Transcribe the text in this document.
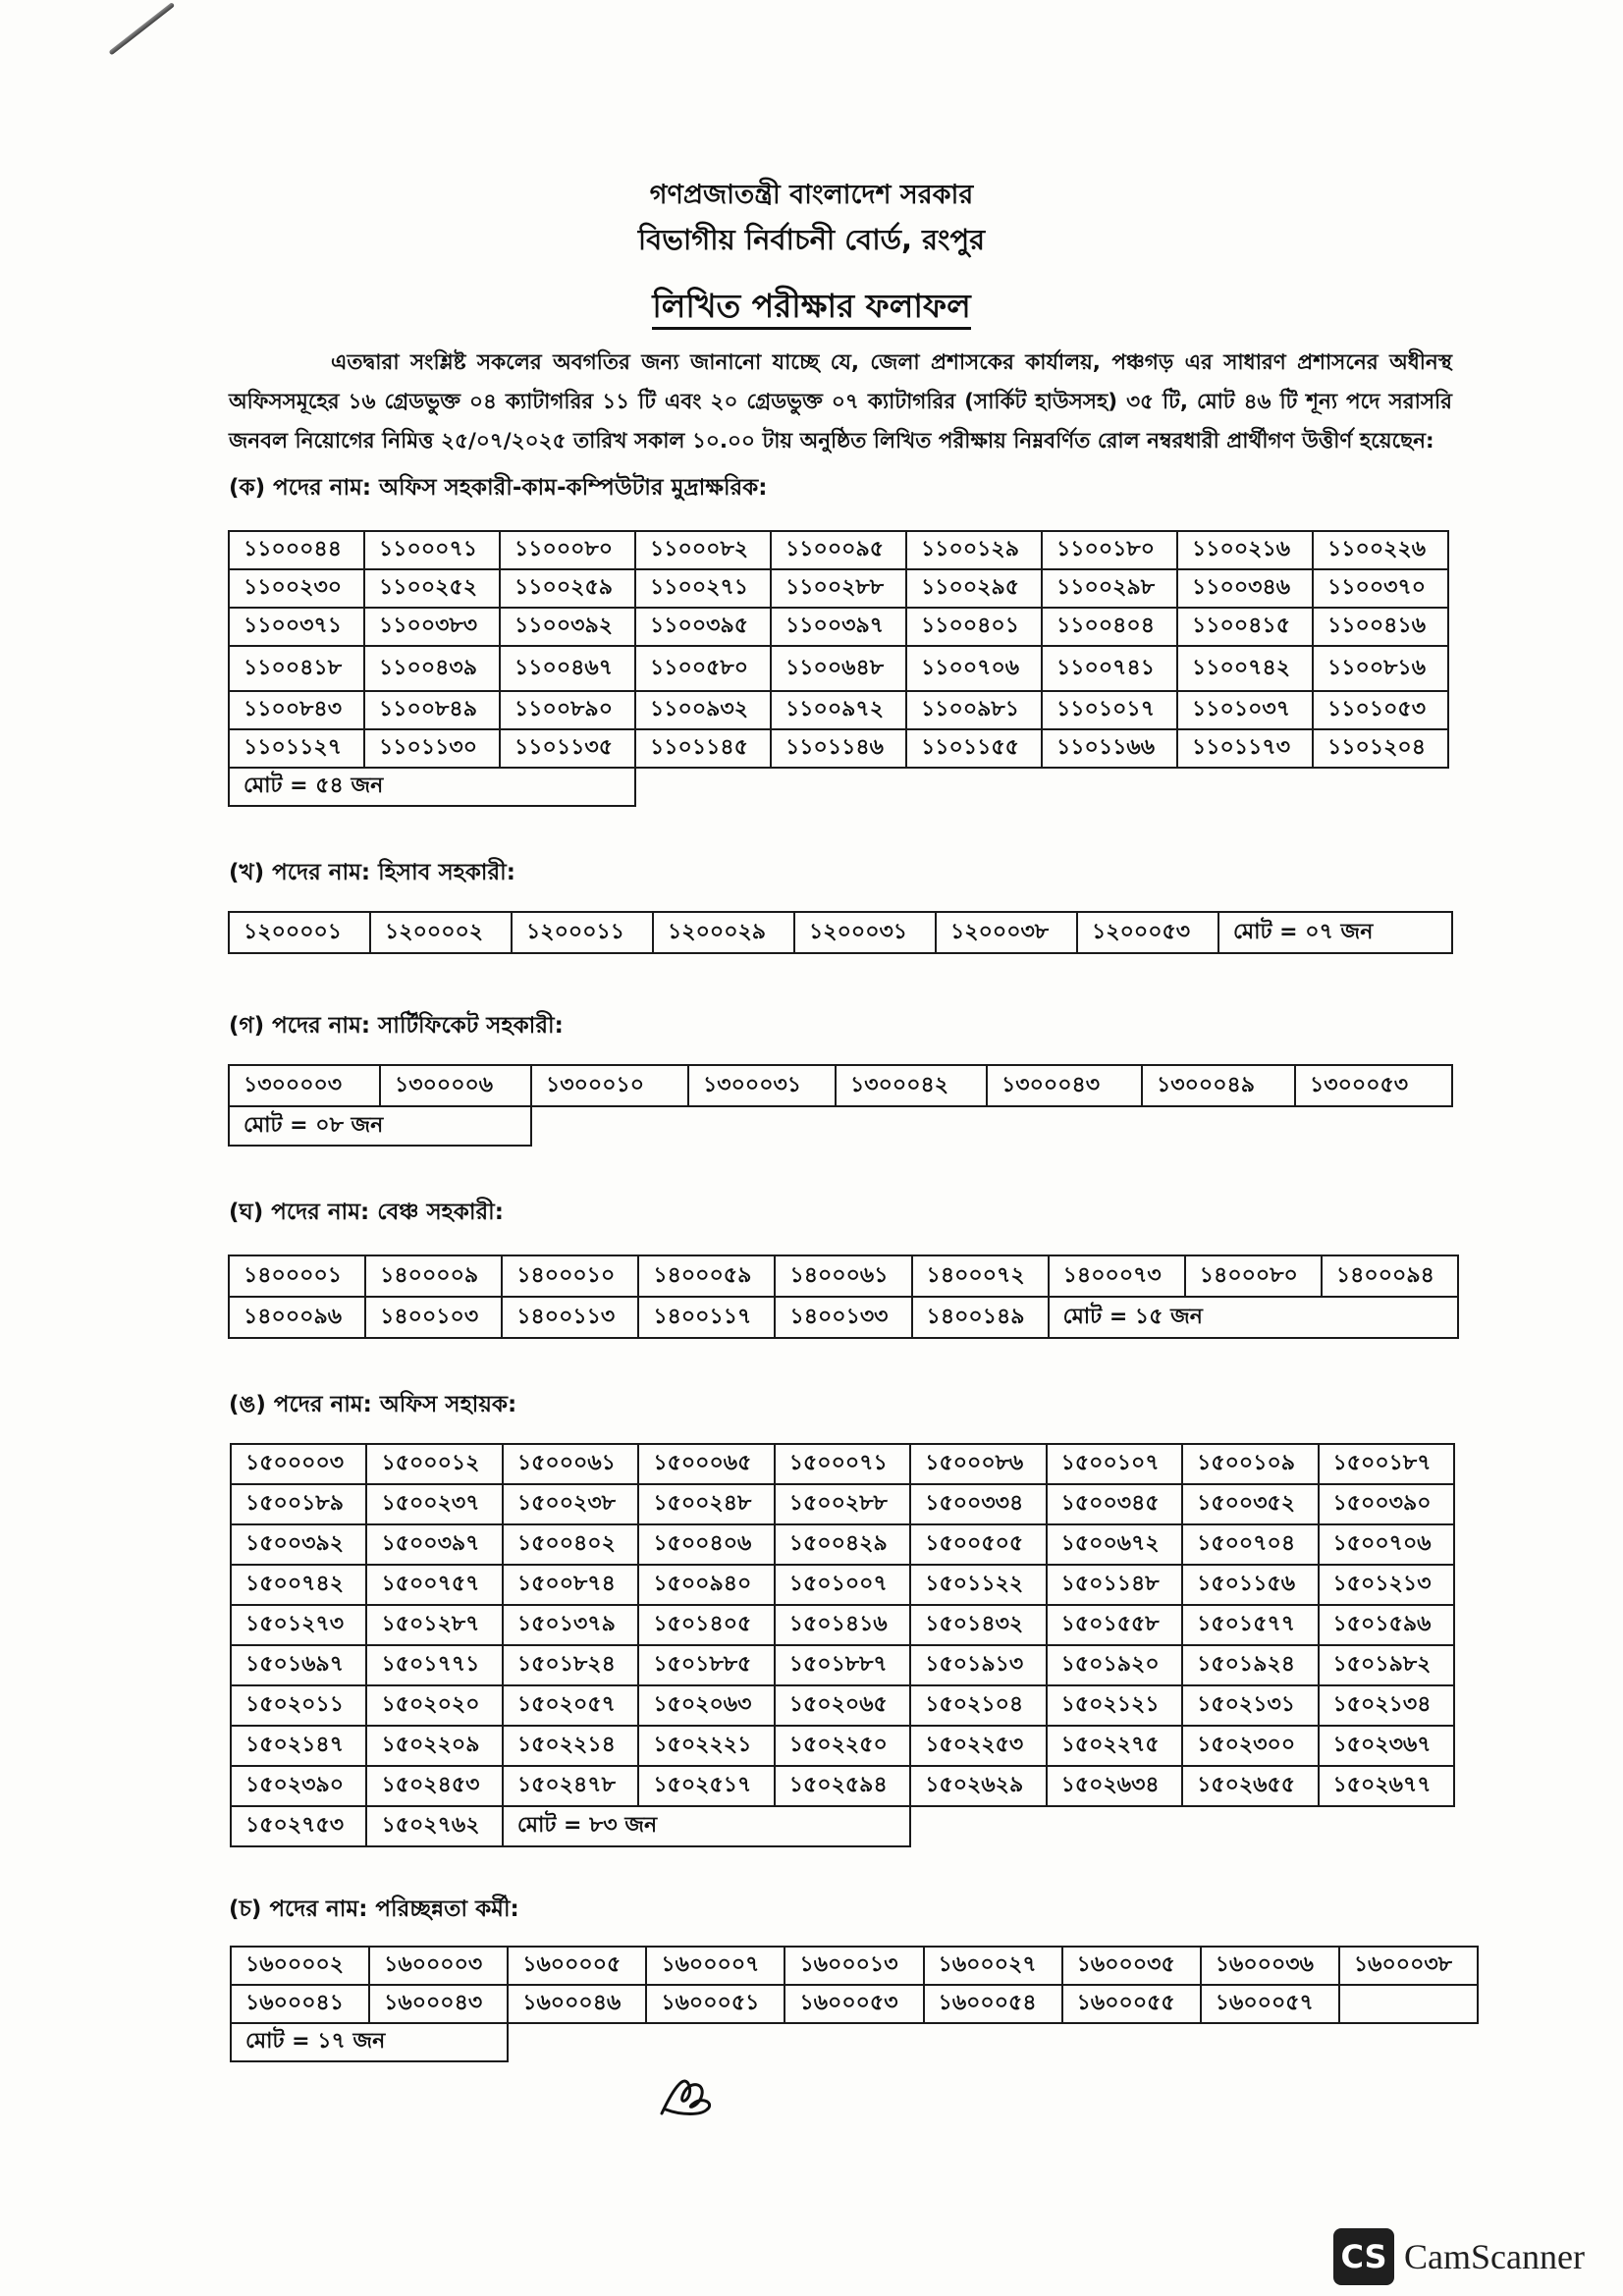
গণপ্রজাতন্ত্রী বাংলাদেশ সরকার
বিভাগীয় নির্বাচনী বোর্ড, রংপুর
লিখিত পরীক্ষার ফলাফল
এতদ্বারা সংশ্লিষ্ট সকলের অবগতির জন্য জানানো যাচ্ছে যে, জেলা প্রশাসকের কার্যালয়, পঞ্চগড় এর সাধারণ প্রশাসনের অধীনস্থ অফিসসমূহের ১৬ গ্রেডভুক্ত ০৪ ক্যাটাগরির ১১ টি এবং ২০ গ্রেডভুক্ত ০৭ ক্যাটাগরির (সার্কিট হাউসসহ) ৩৫ টি, মোট ৪৬ টি শূন্য পদে সরাসরি জনবল নিয়োগের নিমিত্ত ২৫/০৭/২০২৫ তারিখ সকাল ১০.০০ টায় অনুষ্ঠিত লিখিত পরীক্ষায় নিম্নবর্ণিত রোল নম্বরধারী প্রার্থীগণ উত্তীর্ণ হয়েছেন:
(ক) পদের নাম: অফিস সহকারী-কাম-কম্পিউটার মুদ্রাক্ষরিক:
১১০০০৪৪	১১০০০৭১	১১০০০৮০	১১০০০৮২	১১০০০৯৫	১১০০১২৯	১১০০১৮০	১১০০২১৬	১১০০২২৬
১১০০২৩০	১১০০২৫২	১১০০২৫৯	১১০০২৭১	১১০০২৮৮	১১০০২৯৫	১১০০২৯৮	১১০০৩৪৬	১১০০৩৭০
১১০০৩৭১	১১০০৩৮৩	১১০০৩৯২	১১০০৩৯৫	১১০০৩৯৭	১১০০৪০১	১১০০৪০৪	১১০০৪১৫	১১০০৪১৬
১১০০৪১৮	১১০০৪৩৯	১১০০৪৬৭	১১০০৫৮০	১১০০৬৪৮	১১০০৭০৬	১১০০৭৪১	১১০০৭৪২	১১০০৮১৬
১১০০৮৪৩	১১০০৮৪৯	১১০০৮৯০	১১০০৯৩২	১১০০৯৭২	১১০০৯৮১	১১০১০১৭	১১০১০৩৭	১১০১০৫৩
১১০১১২৭	১১০১১৩০	১১০১১৩৫	১১০১১৪৫	১১০১১৪৬	১১০১১৫৫	১১০১১৬৬	১১০১১৭৩	১১০১২০৪
মোট = ৫৪ জন								
(খ) পদের নাম: হিসাব সহকারী:
১২০০০০১	১২০০০০২	১২০০০১১	১২০০০২৯	১২০০০৩১	১২০০০৩৮	১২০০০৫৩	মোট = ০৭ জন
(গ) পদের নাম: সার্টিফিকেট সহকারী:
১৩০০০০৩	১৩০০০০৬	১৩০০০১০	১৩০০০৩১	১৩০০০৪২	১৩০০০৪৩	১৩০০০৪৯	১৩০০০৫৩
মোট = ০৮ জন							
(ঘ) পদের নাম: বেঞ্চ সহকারী:
১৪০০০০১	১৪০০০০৯	১৪০০০১০	১৪০০০৫৯	১৪০০০৬১	১৪০০০৭২	১৪০০০৭৩	১৪০০০৮০	১৪০০০৯৪
১৪০০০৯৬	১৪০০১০৩	১৪০০১১৩	১৪০০১১৭	১৪০০১৩৩	১৪০০১৪৯	মোট = ১৫ জন		
(ঙ) পদের নাম: অফিস সহায়ক:
১৫০০০০৩	১৫০০০১২	১৫০০০৬১	১৫০০০৬৫	১৫০০০৭১	১৫০০০৮৬	১৫০০১০৭	১৫০০১০৯	১৫০০১৮৭
১৫০০১৮৯	১৫০০২৩৭	১৫০০২৩৮	১৫০০২৪৮	১৫০০২৮৮	১৫০০৩৩৪	১৫০০৩৪৫	১৫০০৩৫২	১৫০০৩৯০
১৫০০৩৯২	১৫০০৩৯৭	১৫০০৪০২	১৫০০৪০৬	১৫০০৪২৯	১৫০০৫০৫	১৫০০৬৭২	১৫০০৭০৪	১৫০০৭০৬
১৫০০৭৪২	১৫০০৭৫৭	১৫০০৮৭৪	১৫০০৯৪০	১৫০১০০৭	১৫০১১২২	১৫০১১৪৮	১৫০১১৫৬	১৫০১২১৩
১৫০১২৭৩	১৫০১২৮৭	১৫০১৩৭৯	১৫০১৪০৫	১৫০১৪১৬	১৫০১৪৩২	১৫০১৫৫৮	১৫০১৫৭৭	১৫০১৫৯৬
১৫০১৬৯৭	১৫০১৭৭১	১৫০১৮২৪	১৫০১৮৮৫	১৫০১৮৮৭	১৫০১৯১৩	১৫০১৯২০	১৫০১৯২৪	১৫০১৯৮২
১৫০২০১১	১৫০২০২০	১৫০২০৫৭	১৫০২০৬৩	১৫০২০৬৫	১৫০২১০৪	১৫০২১২১	১৫০২১৩১	১৫০২১৩৪
১৫০২১৪৭	১৫০২২০৯	১৫০২২১৪	১৫০২২২১	১৫০২২৫০	১৫০২২৫৩	১৫০২২৭৫	১৫০২৩০০	১৫০২৩৬৭
১৫০২৩৯০	১৫০২৪৫৩	১৫০২৪৭৮	১৫০২৫১৭	১৫০২৫৯৪	১৫০২৬২৯	১৫০২৬৩৪	১৫০২৬৫৫	১৫০২৬৭৭
১৫০২৭৫৩	১৫০২৭৬২	মোট = ৮৩ জন						
(চ) পদের নাম: পরিচ্ছন্নতা কর্মী:
১৬০০০০২	১৬০০০০৩	১৬০০০০৫	১৬০০০০৭	১৬০০০১৩	১৬০০০২৭	১৬০০০৩৫	১৬০০০৩৬	১৬০০০৩৮
১৬০০০৪১	১৬০০০৪৩	১৬০০০৪৬	১৬০০০৫১	১৬০০০৫৩	১৬০০০৫৪	১৬০০০৫৫	১৬০০০৫৭	
মোট = ১৭ জন								
CS CamScanner
